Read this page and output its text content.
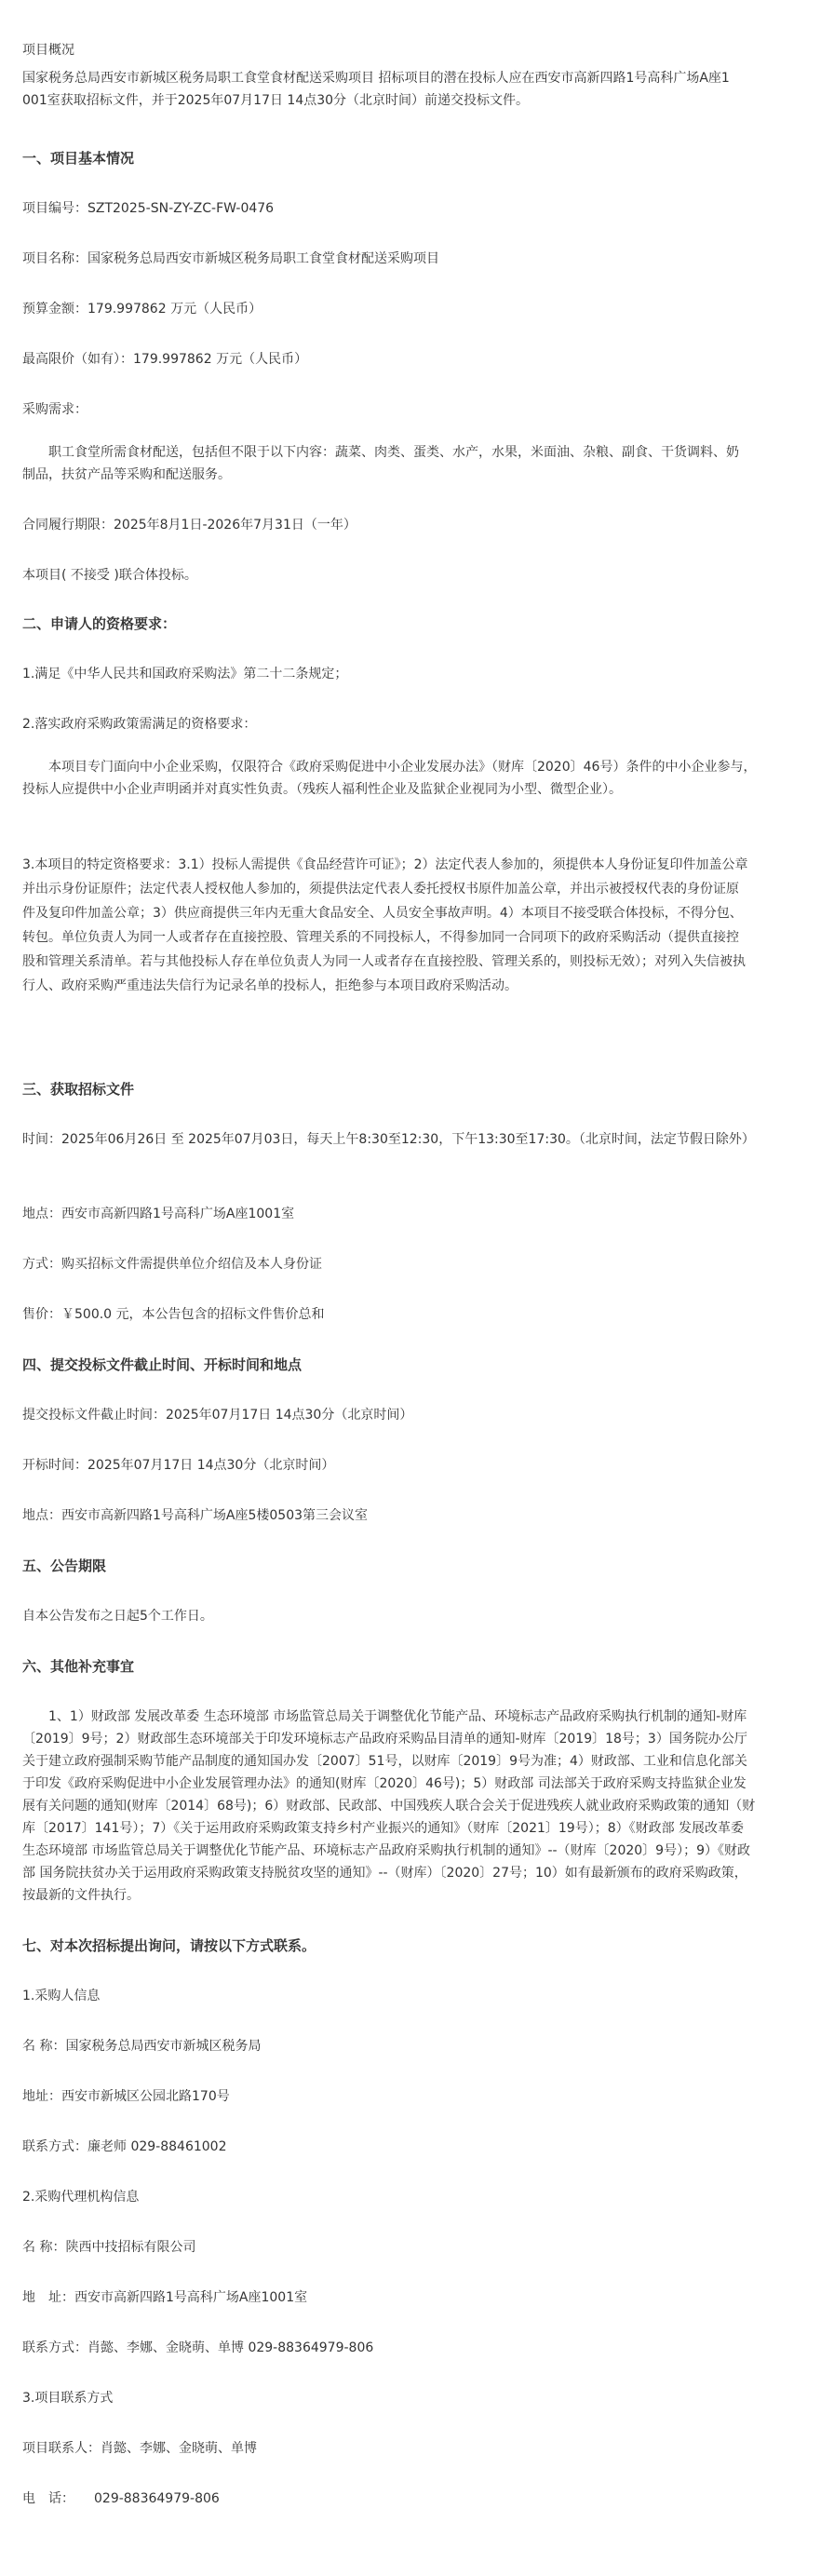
项目概况

国家税务总局西安市新城区税务局职工食堂食材配送采购项目 招标项目的潜在投标人应在西安市高新四路1号高科广场A座1001室获取招标文件，并于2025年07月17日 14点30分（北京时间）前递交投标文件。

一、项目基本情况

项目编号：SZT2025-SN-ZY-ZC-FW-0476

项目名称：国家税务总局西安市新城区税务局职工食堂食材配送采购项目

预算金额：179.997862 万元（人民币）

最高限价（如有）：179.997862 万元（人民币）

采购需求：

职工食堂所需食材配送，包括但不限于以下内容：蔬菜、肉类、蛋类、水产，水果，米面油、杂粮、副食、干货调料、奶制品，扶贫产品等采购和配送服务。

合同履行期限：2025年8月1日-2026年7月31日（一年）

本项目( 不接受 )联合体投标。

二、申请人的资格要求：

1.满足《中华人民共和国政府采购法》第二十二条规定；

2.落实政府采购政策需满足的资格要求：

本项目专门面向中小企业采购，仅限符合《政府采购促进中小企业发展办法》（财库〔2020〕46号）条件的中小企业参与，投标人应提供中小企业声明函并对真实性负责。（残疾人福利性企业及监狱企业视同为小型、微型企业）。

3.本项目的特定资格要求：3.1）投标人需提供《食品经营许可证》；2）法定代表人参加的，须提供本人身份证复印件加盖公章并出示身份证原件；法定代表人授权他人参加的，须提供法定代表人委托授权书原件加盖公章，并出示被授权代表的身份证原件及复印件加盖公章；3）供应商提供三年内无重大食品安全、人员安全事故声明。4）本项目不接受联合体投标，不得分包、转包。单位负责人为同一人或者存在直接控股、管理关系的不同投标人，不得参加同一合同项下的政府采购活动（提供直接控股和管理关系清单。若与其他投标人存在单位负责人为同一人或者存在直接控股、管理关系的，则投标无效）；对列入失信被执行人、政府采购严重违法失信行为记录名单的投标人，拒绝参与本项目政府采购活动。

三、获取招标文件

时间：2025年06月26日 至 2025年07月03日，每天上午8:30至12:30，下午13:30至17:30。（北京时间，法定节假日除外）

地点：西安市高新四路1号高科广场A座1001室

方式：购买招标文件需提供单位介绍信及本人身份证

售价：￥500.0 元，本公告包含的招标文件售价总和

四、提交投标文件截止时间、开标时间和地点

提交投标文件截止时间：2025年07月17日 14点30分（北京时间）

开标时间：2025年07月17日 14点30分（北京时间）

地点：西安市高新四路1号高科广场A座5楼0503第三会议室

五、公告期限

自本公告发布之日起5个工作日。

六、其他补充事宜

1、1）财政部 发展改革委 生态环境部 市场监管总局关于调整优化节能产品、环境标志产品政府采购执行机制的通知-财库〔2019〕9号；2）财政部生态环境部关于印发环境标志产品政府采购品目清单的通知-财库〔2019〕18号；3）国务院办公厅关于建立政府强制采购节能产品制度的通知国办发〔2007〕51号，以财库〔2019〕9号为准；4）财政部、工业和信息化部关于印发《政府采购促进中小企业发展管理办法》的通知(财库〔2020〕46号)；5）财政部 司法部关于政府采购支持监狱企业发展有关问题的通知(财库〔2014〕68号)；6）财政部、民政部、中国残疾人联合会关于促进残疾人就业政府采购政策的通知（财库〔2017〕141号）；7）《关于运用政府采购政策支持乡村产业振兴的通知》（财库〔2021〕19号）；8）《财政部 发展改革委 生态环境部 市场监管总局关于调整优化节能产品、环境标志产品政府采购执行机制的通知》--（财库〔2020〕9号）；9）《财政部 国务院扶贫办关于运用政府采购政策支持脱贫攻坚的通知》--（财库）〔2020〕27号；10）如有最新颁布的政府采购政策，按最新的文件执行。

七、对本次招标提出询问，请按以下方式联系。

1.采购人信息

名 称：国家税务总局西安市新城区税务局

地址：西安市新城区公园北路170号

联系方式：廉老师 029-88461002

2.采购代理机构信息

名 称：陕西中技招标有限公司

地　址：西安市高新四路1号高科广场A座1001室

联系方式：肖懿、李娜、金晓萌、单博 029-88364979-806

3.项目联系方式

项目联系人：肖懿、李娜、金晓萌、单博

电　话：　　029-88364979-806
